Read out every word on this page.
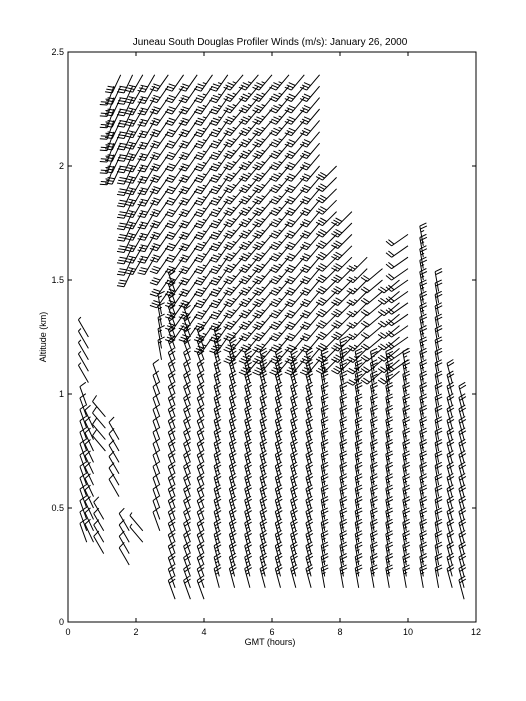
Juneau South Douglas Profiler Winds (m/s): January 26, 2000
0	2	4	6	8	10	12
0
0.5
1
1.5
2
2.5
GMT (hours)
Altitude (km)
